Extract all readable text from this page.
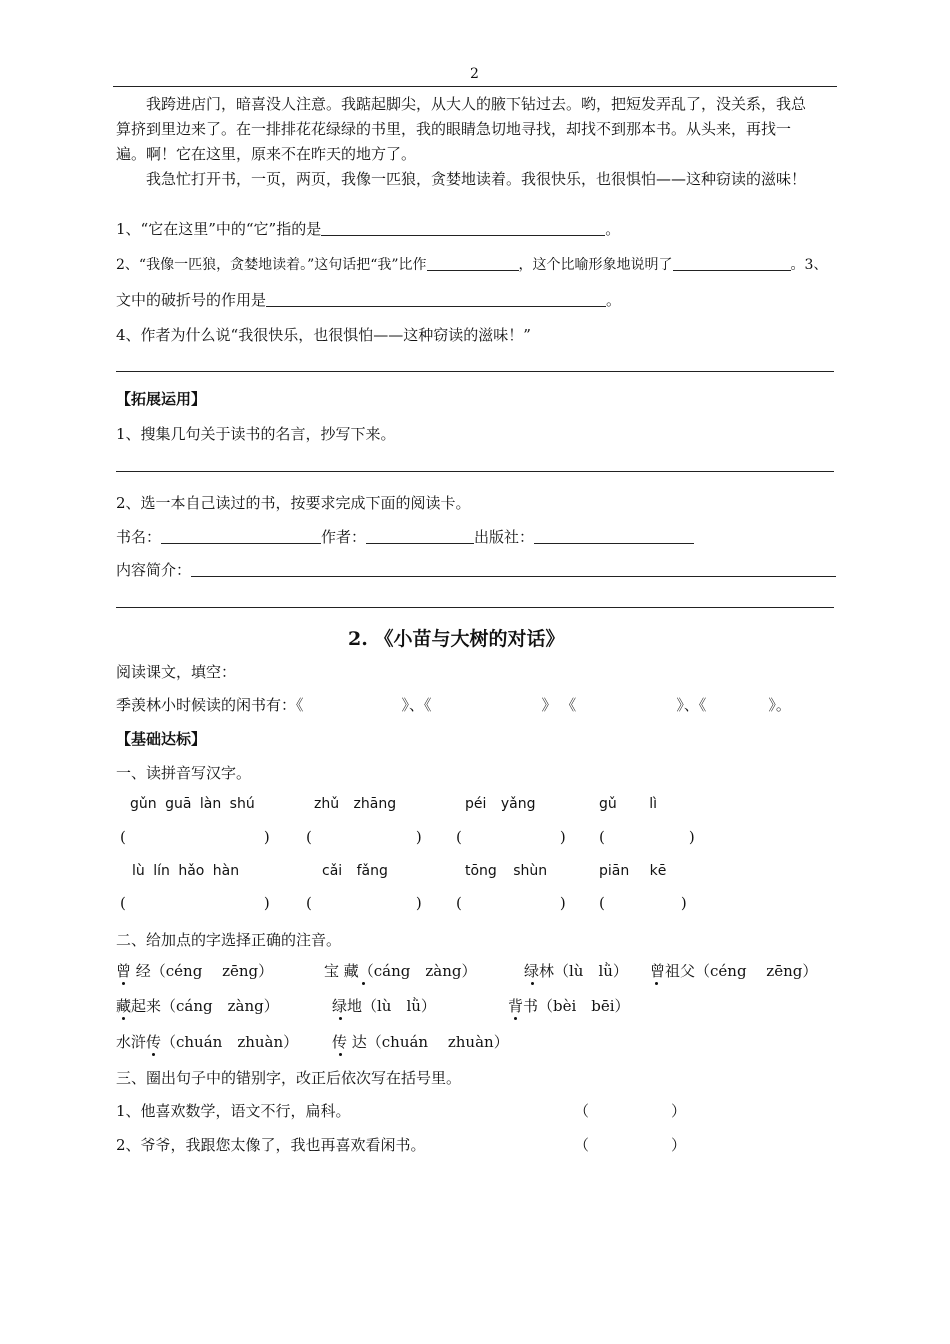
2
我跨进店门，暗喜没人注意。我踮起脚尖，从大人的腋下钻过去。哟，把短发弄乱了，没关系，我总
算挤到里边来了。在一排排花花绿绿的书里，我的眼睛急切地寻找，却找不到那本书。从头来，再找一
遍。啊！它在这里，原来不在昨天的地方了。
我急忙打开书，一页，两页，我像一匹狼，贪婪地读着。我很快乐，也很惧怕——这种窃读的滋味！
1、“它在这里”中的“它”指的是	。
2、“我像一匹狼，贪婪地读着。”这句话把“我”比作	，这个比喻形象地说明了	。3、
文中的破折号的作用是	。
4、作者为什么说“我很快乐，也很惧怕——这种窃读的滋味！”
【拓展运用】
1、搜集几句关于读书的名言，抄写下来。
2、选一本自己读过的书，按要求完成下面的阅读卡。
书名：	作者：	出版社：
内容简介：
2. 《小苗与大树的对话》
阅读课文，填空：
季羡林小时候读的闲书有：《	》、《	》 《	》、《	》。
【基础达标】
一、读拼音写汉字。
gǔn guā làn shú	zhǔ zhāng	péi yǎng	gǔ lì
(	) (	) (	) (	)
lù lín hǎo hàn	cǎi fǎng	tōng shùn	piān kē
(	) (	) (	) (	)
二、给加点的字选择正确的注音。
曾 经（céng　 zēng）	宝 藏（cáng　zàng）	绿林（lù　lǜ） 曾祖父（céng　 zēng）
藏起来（cáng　zàng）	绿地（lù　lǜ）	背书（bèi　bēi）
水浒传（chuán　zhuàn） 传 达（chuán　 zhuàn）
三、圈出句子中的错别字，改正后依次写在括号里。
1、他喜欢数学，语文不行，扁科。	（	）
2、爷爷，我跟您太像了，我也再喜欢看闲书。	（	）
